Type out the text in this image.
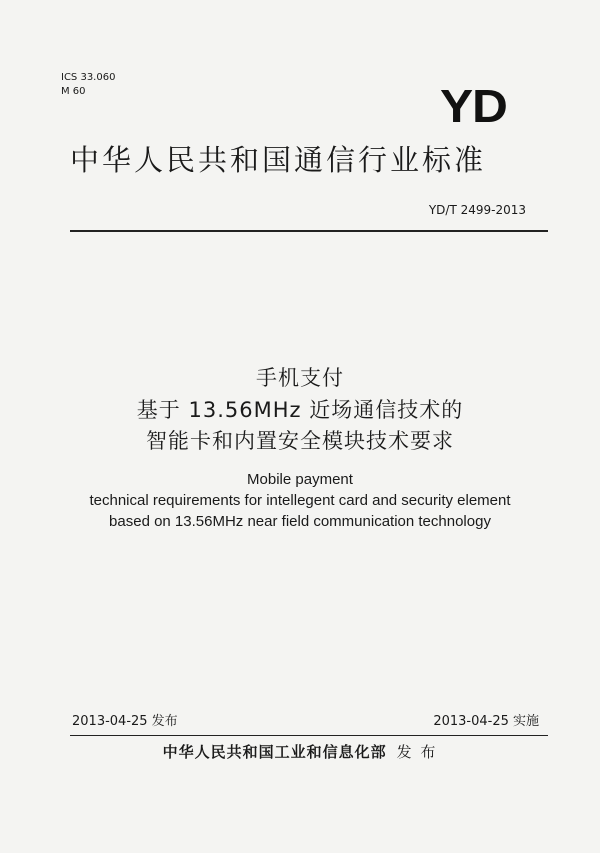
ICS 33.060
M 60	YD
中华人民共和国通信行业标准
YD/T 2499-2013
手机支付
基于 13.56MHz 近场通信技术的
智能卡和内置安全模块技术要求
Mobile payment
technical requirements for intellegent card and security element
based on 13.56MHz near field communication technology
2013-04-25 发布	2013-04-25 实施
中华人民共和国工业和信息化部 发 布
